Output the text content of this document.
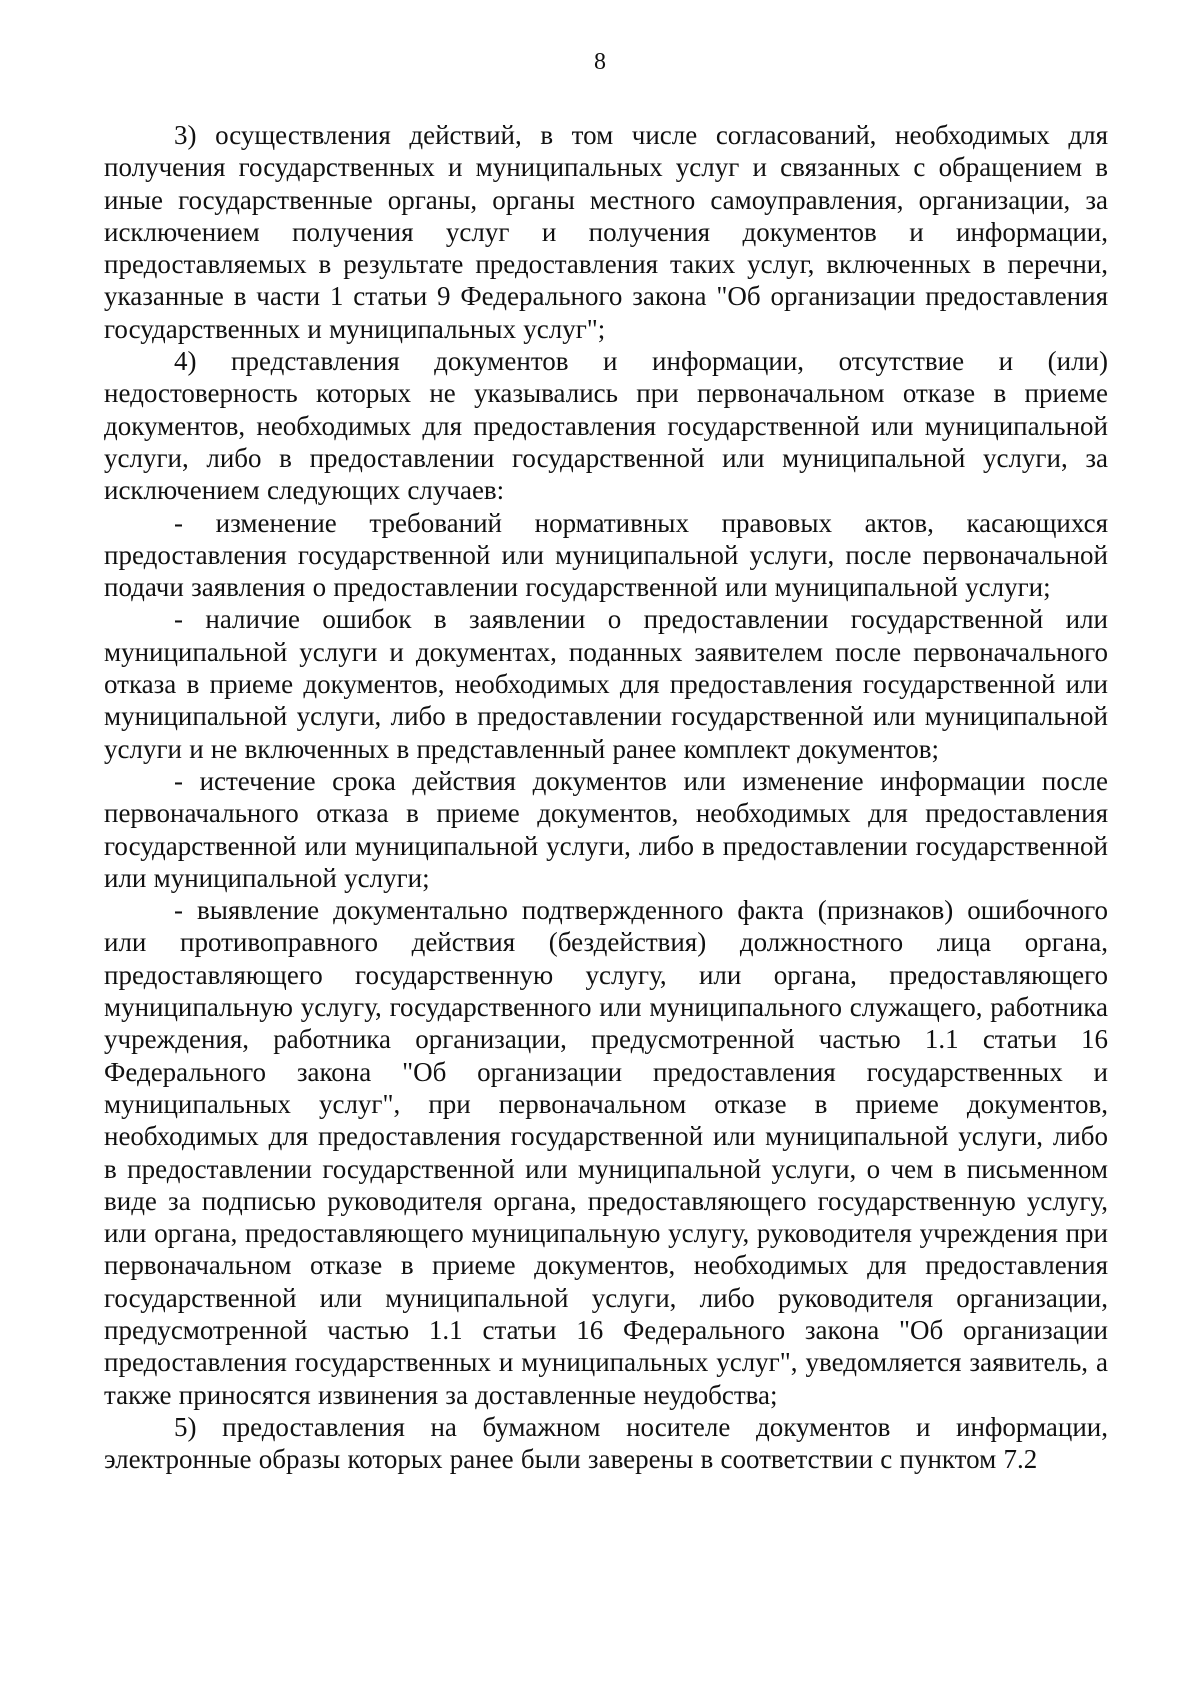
8

3) осуществления действий, в том числе согласований, необходимых для получения государственных и муниципальных услуг и связанных с обращением в иные государственные органы, органы местного самоуправления, организации, за исключением получения услуг и получения документов и информации, предоставляемых в результате предоставления таких услуг, включенных в перечни, указанные в части 1 статьи 9 Федерального закона "Об организации предоставления государственных и муниципальных услуг";

4) представления документов и информации, отсутствие и (или) недостоверность которых не указывались при первоначальном отказе в приеме документов, необходимых для предоставления государственной или муниципальной услуги, либо в предоставлении государственной или муниципальной услуги, за исключением следующих случаев:

- изменение требований нормативных правовых актов, касающихся предоставления государственной или муниципальной услуги, после первоначальной подачи заявления о предоставлении государственной или муниципальной услуги;

- наличие ошибок в заявлении о предоставлении государственной или муниципальной услуги и документах, поданных заявителем после первоначального отказа в приеме документов, необходимых для предоставления государственной или муниципальной услуги, либо в предоставлении государственной или муниципальной услуги и не включенных в представленный ранее комплект документов;

- истечение срока действия документов или изменение информации после первоначального отказа в приеме документов, необходимых для предоставления государственной или муниципальной услуги, либо в предоставлении государственной или муниципальной услуги;

- выявление документально подтвержденного факта (признаков) ошибочного или противоправного действия (бездействия) должностного лица органа, предоставляющего государственную услугу, или органа, предоставляющего муниципальную услугу, государственного или муниципального служащего, работника учреждения, работника организации, предусмотренной частью 1.1 статьи 16 Федерального закона "Об организации предоставления государственных и муниципальных услуг", при первоначальном отказе в приеме документов, необходимых для предоставления государственной или муниципальной услуги, либо в предоставлении государственной или муниципальной услуги, о чем в письменном виде за подписью руководителя органа, предоставляющего государственную услугу, или органа, предоставляющего муниципальную услугу, руководителя учреждения при первоначальном отказе в приеме документов, необходимых для предоставления государственной или муниципальной услуги, либо руководителя организации, предусмотренной частью 1.1 статьи 16 Федерального закона "Об организации предоставления государственных и муниципальных услуг", уведомляется заявитель, а также приносятся извинения за доставленные неудобства;

5) предоставления на бумажном носителе документов и информации, электронные образы которых ранее были заверены в соответствии с пунктом 7.2
